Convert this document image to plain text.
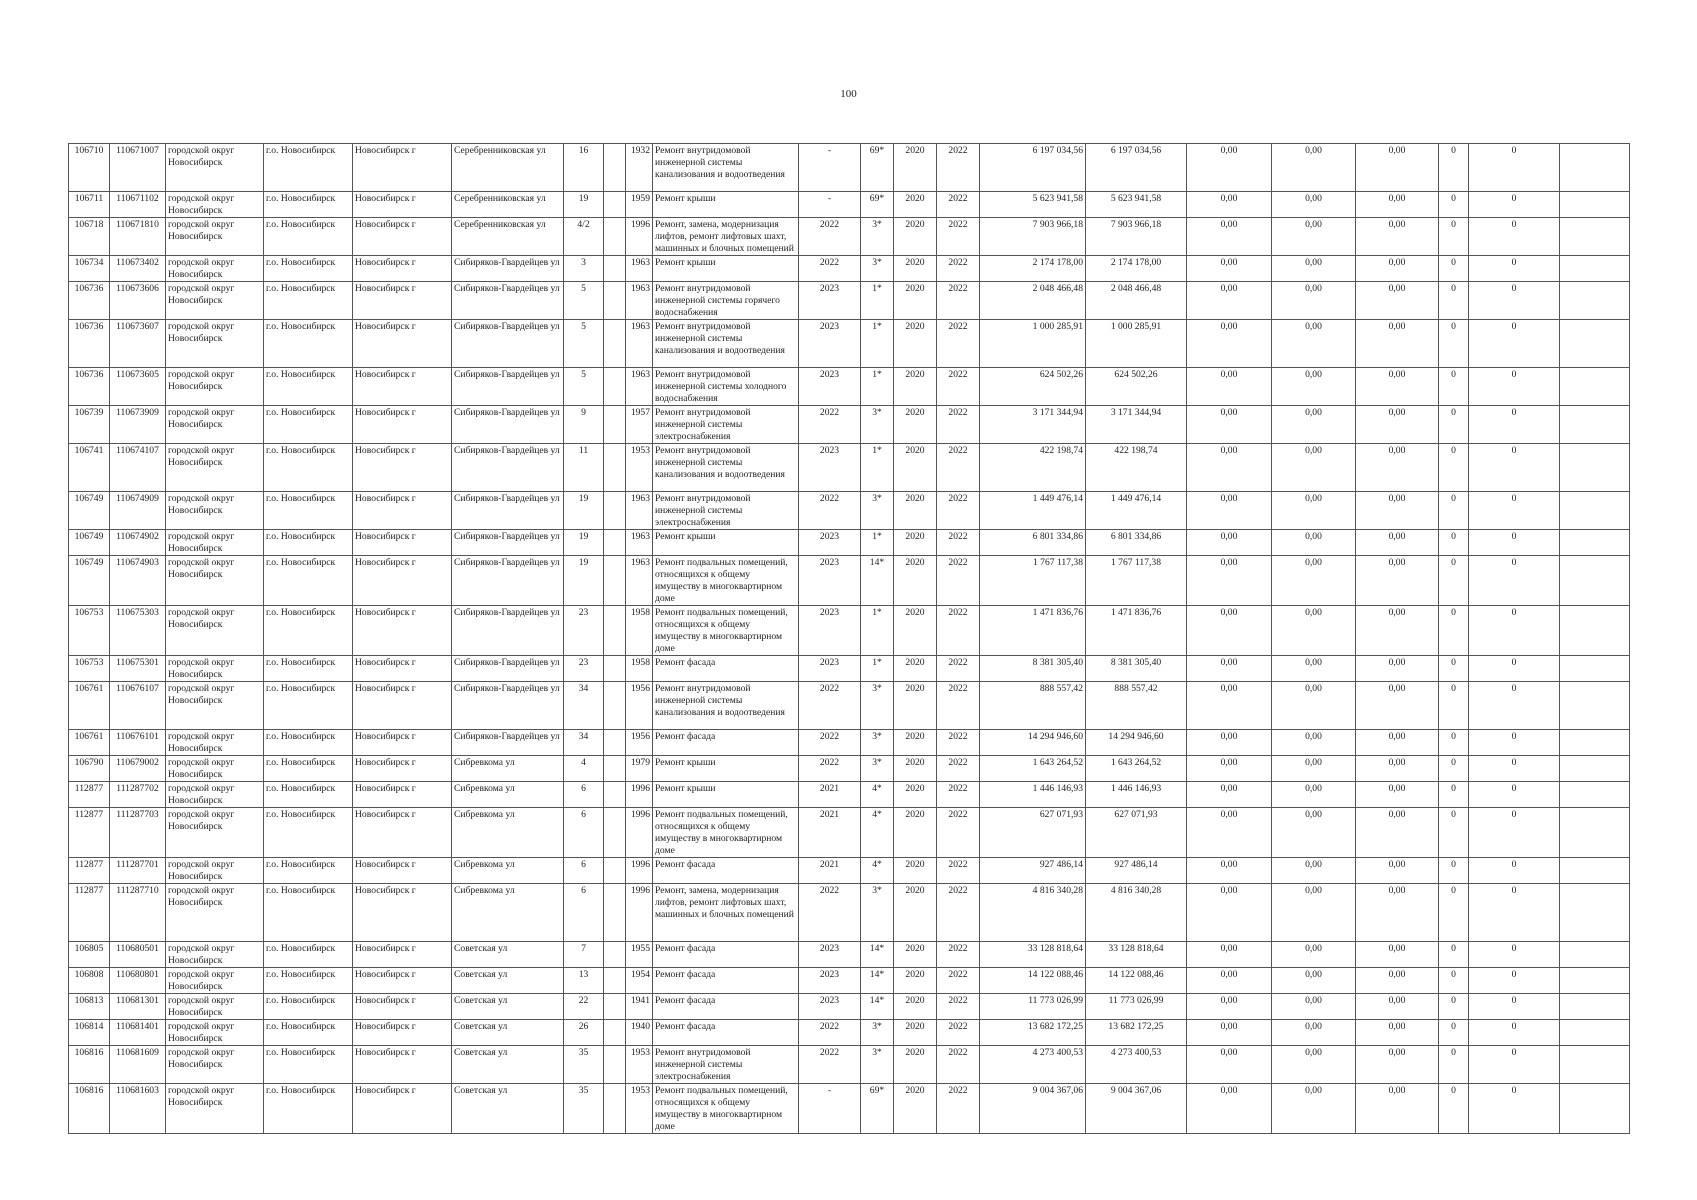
100
106710	110671007	городской округ Новосибирск	г.о. Новосибирск	Новосибирск г	Серебренниковская ул	16		1932	Ремонт внутридомовой инженерной системы канализования и водоотведения	-	69*	2020	2022	6 197 034,56	6 197 034,56	0,00	0,00	0,00	0	0	
106711	110671102	городской округ Новосибирск	г.о. Новосибирск	Новосибирск г	Серебренниковская ул	19		1959	Ремонт крыши	-	69*	2020	2022	5 623 941,58	5 623 941,58	0,00	0,00	0,00	0	0	
106718	110671810	городской округ Новосибирск	г.о. Новосибирск	Новосибирск г	Серебренниковская ул	4/2		1996	Ремонт, замена, модернизация лифтов, ремонт лифтовых шахт, машинных и блочных помещений	2022	3*	2020	2022	7 903 966,18	7 903 966,18	0,00	0,00	0,00	0	0	
106734	110673402	городской округ Новосибирск	г.о. Новосибирск	Новосибирск г	Сибиряков-Гвардейцев ул	3		1963	Ремонт крыши	2022	3*	2020	2022	2 174 178,00	2 174 178,00	0,00	0,00	0,00	0	0	
106736	110673606	городской округ Новосибирск	г.о. Новосибирск	Новосибирск г	Сибиряков-Гвардейцев ул	5		1963	Ремонт внутридомовой инженерной системы горячего водоснабжения	2023	1*	2020	2022	2 048 466,48	2 048 466,48	0,00	0,00	0,00	0	0	
106736	110673607	городской округ Новосибирск	г.о. Новосибирск	Новосибирск г	Сибиряков-Гвардейцев ул	5		1963	Ремонт внутридомовой инженерной системы канализования и водоотведения	2023	1*	2020	2022	1 000 285,91	1 000 285,91	0,00	0,00	0,00	0	0	
106736	110673605	городской округ Новосибирск	г.о. Новосибирск	Новосибирск г	Сибиряков-Гвардейцев ул	5		1963	Ремонт внутридомовой инженерной системы холодного водоснабжения	2023	1*	2020	2022	624 502,26	624 502,26	0,00	0,00	0,00	0	0	
106739	110673909	городской округ Новосибирск	г.о. Новосибирск	Новосибирск г	Сибиряков-Гвардейцев ул	9		1957	Ремонт внутридомовой инженерной системы электроснабжения	2022	3*	2020	2022	3 171 344,94	3 171 344,94	0,00	0,00	0,00	0	0	
106741	110674107	городской округ Новосибирск	г.о. Новосибирск	Новосибирск г	Сибиряков-Гвардейцев ул	11		1953	Ремонт внутридомовой инженерной системы канализования и водоотведения	2023	1*	2020	2022	422 198,74	422 198,74	0,00	0,00	0,00	0	0	
106749	110674909	городской округ Новосибирск	г.о. Новосибирск	Новосибирск г	Сибиряков-Гвардейцев ул	19		1963	Ремонт внутридомовой инженерной системы электроснабжения	2022	3*	2020	2022	1 449 476,14	1 449 476,14	0,00	0,00	0,00	0	0	
106749	110674902	городской округ Новосибирск	г.о. Новосибирск	Новосибирск г	Сибиряков-Гвардейцев ул	19		1963	Ремонт крыши	2023	1*	2020	2022	6 801 334,86	6 801 334,86	0,00	0,00	0,00	0	0	
106749	110674903	городской округ Новосибирск	г.о. Новосибирск	Новосибирск г	Сибиряков-Гвардейцев ул	19		1963	Ремонт подвальных помещений, относящихся к общему имуществу в многоквартирном доме	2023	14*	2020	2022	1 767 117,38	1 767 117,38	0,00	0,00	0,00	0	0	
106753	110675303	городской округ Новосибирск	г.о. Новосибирск	Новосибирск г	Сибиряков-Гвардейцев ул	23		1958	Ремонт подвальных помещений, относящихся к общему имуществу в многоквартирном доме	2023	1*	2020	2022	1 471 836,76	1 471 836,76	0,00	0,00	0,00	0	0	
106753	110675301	городской округ Новосибирск	г.о. Новосибирск	Новосибирск г	Сибиряков-Гвардейцев ул	23		1958	Ремонт фасада	2023	1*	2020	2022	8 381 305,40	8 381 305,40	0,00	0,00	0,00	0	0	
106761	110676107	городской округ Новосибирск	г.о. Новосибирск	Новосибирск г	Сибиряков-Гвардейцев ул	34		1956	Ремонт внутридомовой инженерной системы канализования и водоотведения	2022	3*	2020	2022	888 557,42	888 557,42	0,00	0,00	0,00	0	0	
106761	110676101	городской округ Новосибирск	г.о. Новосибирск	Новосибирск г	Сибиряков-Гвардейцев ул	34		1956	Ремонт фасада	2022	3*	2020	2022	14 294 946,60	14 294 946,60	0,00	0,00	0,00	0	0	
106790	110679002	городской округ Новосибирск	г.о. Новосибирск	Новосибирск г	Сибревкома ул	4		1979	Ремонт крыши	2022	3*	2020	2022	1 643 264,52	1 643 264,52	0,00	0,00	0,00	0	0	
112877	111287702	городской округ Новосибирск	г.о. Новосибирск	Новосибирск г	Сибревкома ул	6		1996	Ремонт крыши	2021	4*	2020	2022	1 446 146,93	1 446 146,93	0,00	0,00	0,00	0	0	
112877	111287703	городской округ Новосибирск	г.о. Новосибирск	Новосибирск г	Сибревкома ул	6		1996	Ремонт подвальных помещений, относящихся к общему имуществу в многоквартирном доме	2021	4*	2020	2022	627 071,93	627 071,93	0,00	0,00	0,00	0	0	
112877	111287701	городской округ Новосибирск	г.о. Новосибирск	Новосибирск г	Сибревкома ул	6		1996	Ремонт фасада	2021	4*	2020	2022	927 486,14	927 486,14	0,00	0,00	0,00	0	0	
112877	111287710	городской округ Новосибирск	г.о. Новосибирск	Новосибирск г	Сибревкома ул	6		1996	Ремонт, замена, модернизация лифтов, ремонт лифтовых шахт, машинных и блочных помещений	2022	3*	2020	2022	4 816 340,28	4 816 340,28	0,00	0,00	0,00	0	0	
106805	110680501	городской округ Новосибирск	г.о. Новосибирск	Новосибирск г	Советская ул	7		1955	Ремонт фасада	2023	14*	2020	2022	33 128 818,64	33 128 818,64	0,00	0,00	0,00	0	0	
106808	110680801	городской округ Новосибирск	г.о. Новосибирск	Новосибирск г	Советская ул	13		1954	Ремонт фасада	2023	14*	2020	2022	14 122 088,46	14 122 088,46	0,00	0,00	0,00	0	0	
106813	110681301	городской округ Новосибирск	г.о. Новосибирск	Новосибирск г	Советская ул	22		1941	Ремонт фасада	2023	14*	2020	2022	11 773 026,99	11 773 026,99	0,00	0,00	0,00	0	0	
106814	110681401	городской округ Новосибирск	г.о. Новосибирск	Новосибирск г	Советская ул	26		1940	Ремонт фасада	2022	3*	2020	2022	13 682 172,25	13 682 172,25	0,00	0,00	0,00	0	0	
106816	110681609	городской округ Новосибирск	г.о. Новосибирск	Новосибирск г	Советская ул	35		1953	Ремонт внутридомовой инженерной системы электроснабжения	2022	3*	2020	2022	4 273 400,53	4 273 400,53	0,00	0,00	0,00	0	0	
106816	110681603	городской округ Новосибирск	г.о. Новосибирск	Новосибирск г	Советская ул	35		1953	Ремонт подвальных помещений, относящихся к общему имуществу в многоквартирном доме	-	69*	2020	2022	9 004 367,06	9 004 367,06	0,00	0,00	0,00	0	0	
